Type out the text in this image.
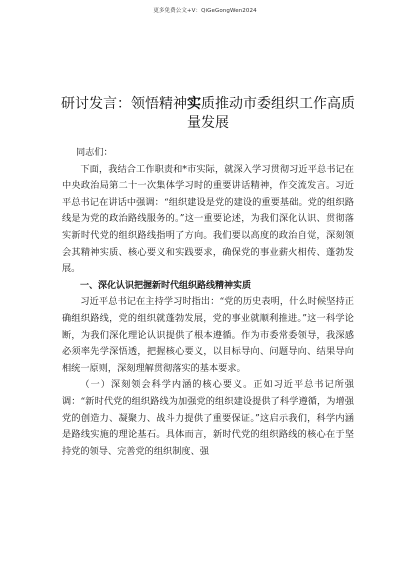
更多免费公文+V：QiGeGongWen2024
研讨发言：领悟精神实质推动市委组织工作高质量发展

同志们：

下面，我结合工作职责和*市实际，就深入学习贯彻习近平总书记在中央政治局第二十一次集体学习时的重要讲话精神，作交流发言。习近平总书记在讲话中强调：“组织建设是党的建设的重要基础。党的组织路线是为党的政治路线服务的。”这一重要论述，为我们深化认识、贯彻落实新时代党的组织路线指明了方向。我们要以高度的政治自觉，深刻领会其精神实质、核心要义和实践要求，确保党的事业薪火相传、蓬勃发展。

一、深化认识把握新时代组织路线精神实质

习近平总书记在主持学习时指出：“党的历史表明，什么时候坚持正确组织路线，党的组织就蓬勃发展，党的事业就顺利推进。”这一科学论断，为我们深化理论认识提供了根本遵循。作为市委常委领导，我深感必须率先学深悟透，把握核心要义，以目标导向、问题导向、结果导向相统一原则，深刻理解贯彻落实的基本要求。

（一）深刻领会科学内涵的核心要义。正如习近平总书记所强调：“新时代党的组织路线为加强党的组织建设提供了科学遵循，为增强党的创造力、凝聚力、战斗力提供了重要保证。”这启示我们，科学内涵是路线实施的理论基石。具体而言，新时代党的组织路线的核心在于坚持党的领导、完善党的组织制度、强
